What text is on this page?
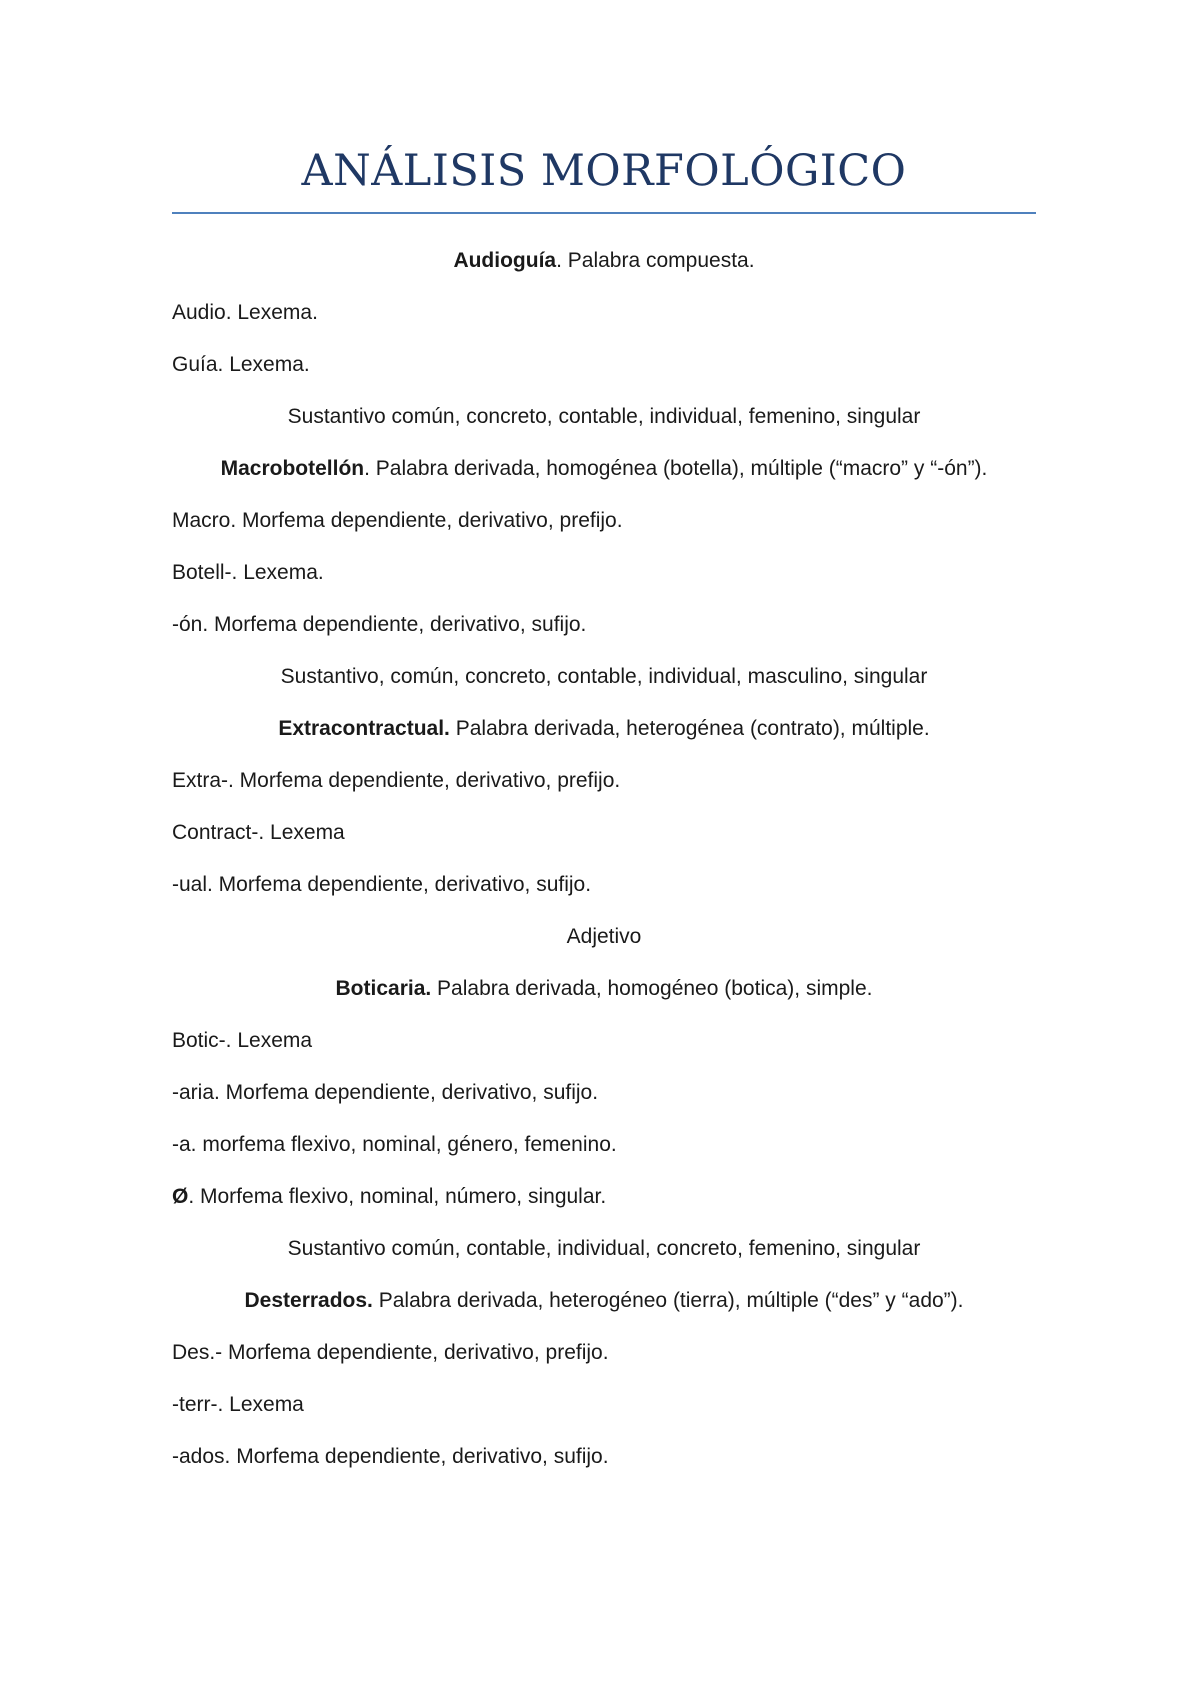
ANÁLISIS MORFOLÓGICO

Audioguía. Palabra compuesta.

Audio. Lexema.

Guía. Lexema.

Sustantivo común, concreto, contable, individual, femenino, singular

Macrobotellón. Palabra derivada, homogénea (botella), múltiple (“macro” y “-ón”).

Macro. Morfema dependiente, derivativo, prefijo.

Botell-. Lexema.

-ón. Morfema dependiente, derivativo, sufijo.

Sustantivo, común, concreto, contable, individual, masculino, singular

Extracontractual. Palabra derivada, heterogénea (contrato), múltiple.

Extra-. Morfema dependiente, derivativo, prefijo.

Contract-. Lexema

-ual. Morfema dependiente, derivativo, sufijo.

Adjetivo

Boticaria. Palabra derivada, homogéneo (botica), simple.

Botic-. Lexema

-aria. Morfema dependiente, derivativo, sufijo.

-a. morfema flexivo, nominal, género, femenino.

Ø. Morfema flexivo, nominal, número, singular.

Sustantivo común, contable, individual, concreto, femenino, singular

Desterrados. Palabra derivada, heterogéneo (tierra), múltiple (“des” y “ado”).

Des.- Morfema dependiente, derivativo, prefijo.

-terr-. Lexema

-ados. Morfema dependiente, derivativo, sufijo.
